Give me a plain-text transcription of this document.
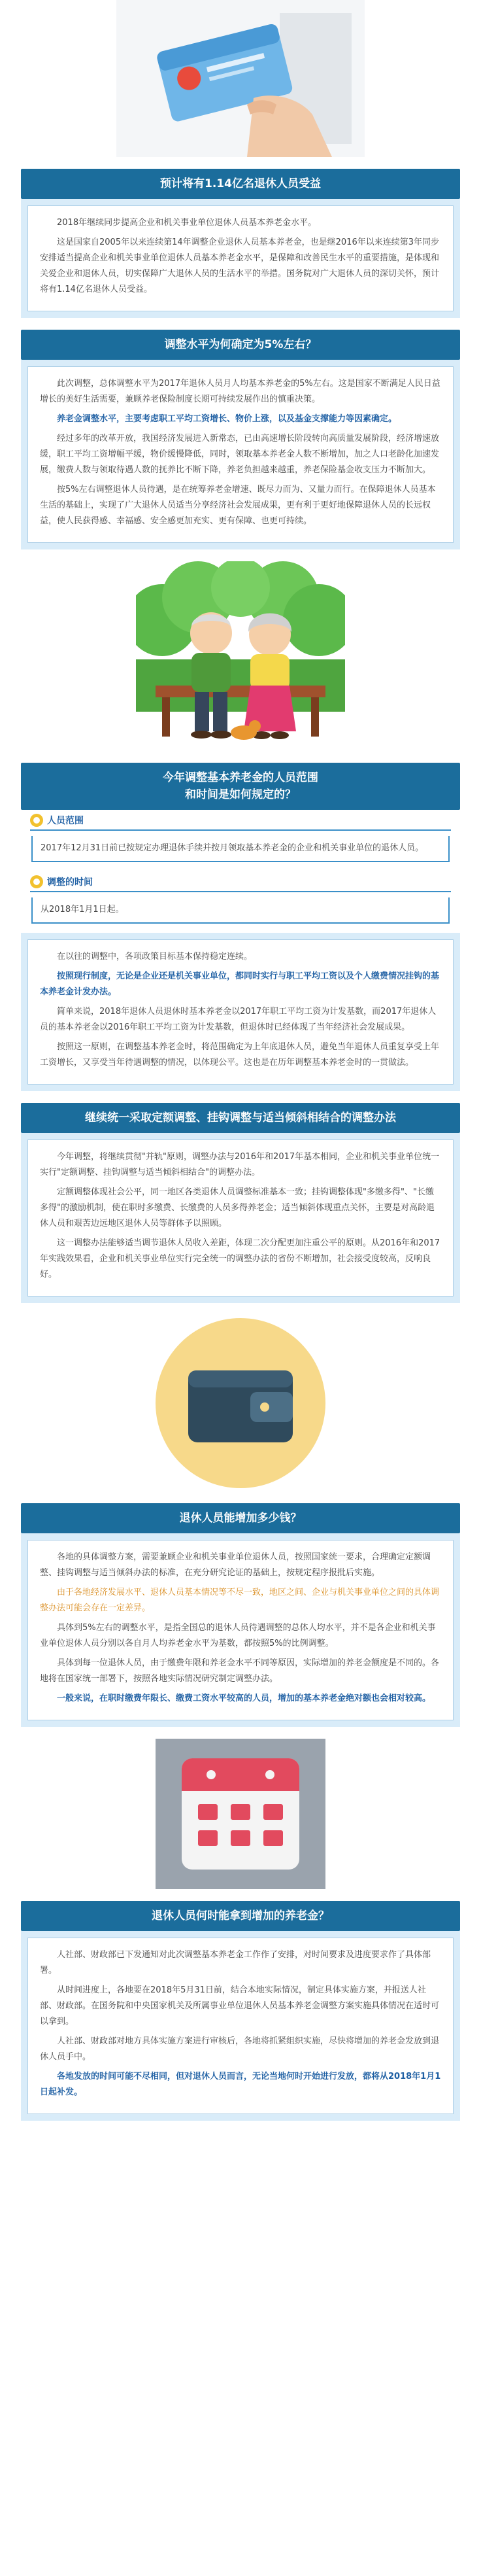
预计将有1.14亿名退休人员受益

2018年继续同步提高企业和机关事业单位退休人员基本养老金水平。

这是国家自2005年以来连续第14年调整企业退休人员基本养老金，也是继2016年以来连续第3年同步安排适当提高企业和机关事业单位退休人员基本养老金水平，是保障和改善民生水平的重要措施，是体现和关爱企业和退休人员，切实保障广大退休人员的生活水平的举措。国务院对广大退休人员的深切关怀，预计将有1.14亿名退休人员受益。

调整水平为何确定为5%左右？

此次调整，总体调整水平为2017年退休人员月人均基本养老金的5%左右。这是国家不断满足人民日益增长的美好生活需要，兼顾养老保险制度长期可持续发展作出的慎重决策。

养老金调整水平，主要考虑职工平均工资增长、物价上涨，以及基金支撑能力等因素确定。

经过多年的改革开放，我国经济发展进入新常态，已由高速增长阶段转向高质量发展阶段，经济增速放缓，职工平均工资增幅平缓，物价缓慢降低，同时，领取基本养老金人数不断增加，加之人口老龄化加速发展，缴费人数与领取待遇人数的抚养比不断下降，养老负担越来越重，养老保险基金收支压力不断加大。

按5%左右调整退休人员待遇，是在统筹养老金增速、既尽力而为、又量力而行。在保障退休人员基本生活的基础上，实现了广大退休人员适当分享经济社会发展成果，更有利于更好地保障退休人员的长远权益，使人民获得感、幸福感、安全感更加充实、更有保障、也更可持续。

今年调整基本养老金的人员范围
和时间是如何规定的？
人员范围
2017年12月31日前已按规定办理退休手续并按月领取基本养老金的企业和机关事业单位的退休人员。
调整的时间
从2018年1月1日起。

在以往的调整中，各项政策目标基本保持稳定连续。

按照现行制度，无论是企业还是机关事业单位，都同时实行与职工平均工资以及个人缴费情况挂钩的基本养老金计发办法。

简单来说，2018年退休人员退休时基本养老金以2017年职工平均工资为计发基数，而2017年退休人员的基本养老金以2016年职工平均工资为计发基数，但退休时已经体现了当年经济社会发展成果。

按照这一原则，在调整基本养老金时，将范围确定为上年底退休人员，避免当年退休人员重复享受上年工资增长，又享受当年待遇调整的情况，以体现公平。这也是在历年调整基本养老金时的一贯做法。

继续统一采取定额调整、挂钩调整与适当倾斜相结合的调整办法

今年调整，将继续贯彻"并轨"原则，调整办法与2016年和2017年基本相同，企业和机关事业单位统一实行"定额调整、挂钩调整与适当倾斜相结合"的调整办法。

定额调整体现社会公平，同一地区各类退休人员调整标准基本一致；挂钩调整体现"多缴多得"、"长缴多得"的激励机制，使在职时多缴费、长缴费的人员多得养老金；适当倾斜体现重点关怀，主要是对高龄退休人员和艰苦边远地区退休人员等群体予以照顾。

这一调整办法能够适当调节退休人员收入差距，体现二次分配更加注重公平的原则。从2016年和2017年实践效果看，企业和机关事业单位实行完全统一的调整办法的省份不断增加，社会接受度较高，反响良好。

退休人员能增加多少钱？

各地的具体调整方案，需要兼顾企业和机关事业单位退休人员，按照国家统一要求，合理确定定额调整、挂钩调整与适当倾斜办法的标准，在充分研究论证的基础上，按规定程序报批后实施。

由于各地经济发展水平、退休人员基本情况等不尽一致，地区之间、企业与机关事业单位之间的具体调整办法可能会存在一定差异。

具体到5%左右的调整水平，是指全国总的退休人员待遇调整的总体人均水平，并不是各企业和机关事业单位退休人员分别以各自月人均养老金水平为基数，都按照5%的比例调整。

具体到每一位退休人员，由于缴费年限和养老金水平不同等原因，实际增加的养老金额度是不同的。各地将在国家统一部署下，按照各地实际情况研究制定调整办法。

一般来说，在职时缴费年限长、缴费工资水平较高的人员，增加的基本养老金绝对额也会相对较高。

退休人员何时能拿到增加的养老金？

人社部、财政部已下发通知对此次调整基本养老金工作作了安排，对时间要求及进度要求作了具体部署。

从时间进度上，各地要在2018年5月31日前，结合本地实际情况，制定具体实施方案，并报送人社部、财政部。在国务院和中央国家机关及所属事业单位退休人员基本养老金调整方案实施具体情况在适时可以拿到。

人社部、财政部对地方具体实施方案进行审核后，各地将抓紧组织实施，尽快将增加的养老金发放到退休人员手中。

各地发放的时间可能不尽相同，但对退休人员而言，无论当地何时开始进行发放，都将从2018年1月1日起补发。
